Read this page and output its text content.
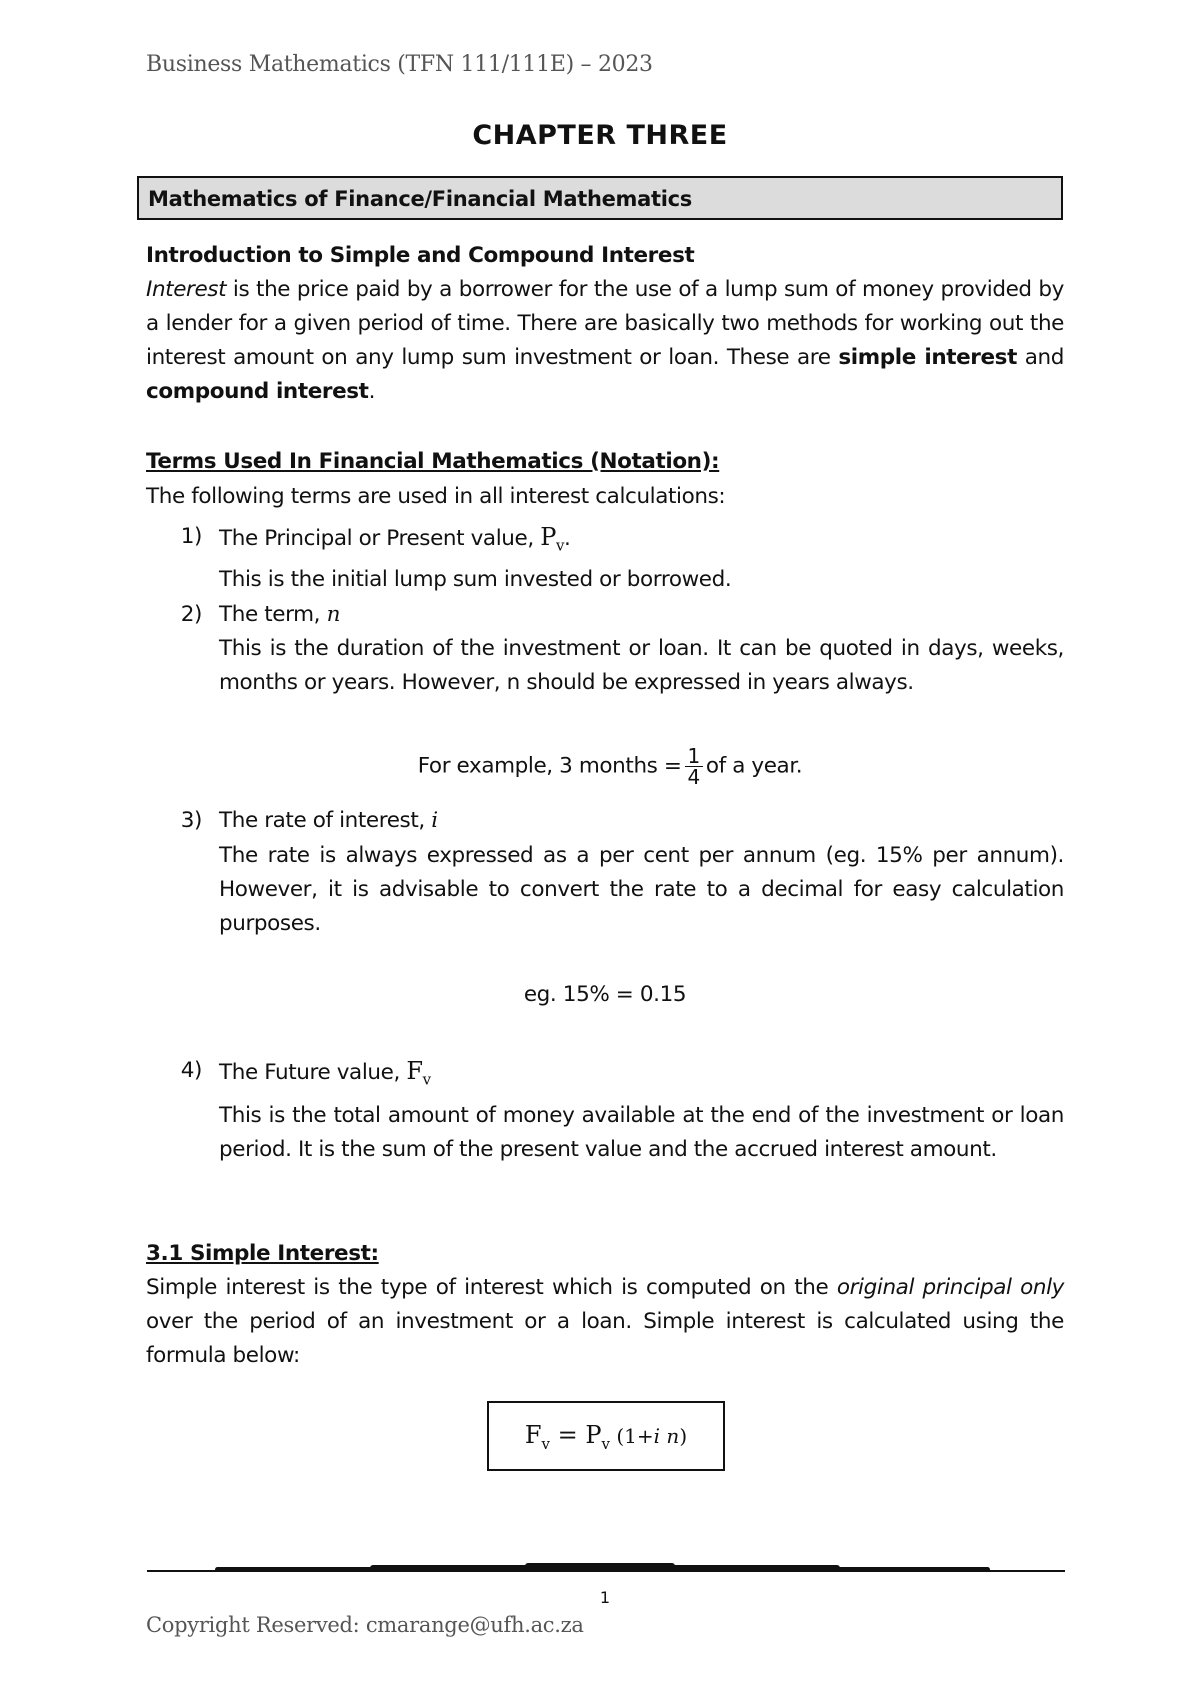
Business Mathematics (TFN 111/111E) – 2023
CHAPTER THREE
Mathematics of Finance/Financial Mathematics
Introduction to Simple and Compound Interest
Interest is the price paid by a borrower for the use of a lump sum of money provided by a lender for a given period of time. There are basically two methods for working out the interest amount on any lump sum investment or loan. These are simple interest and compound interest.
Terms Used In Financial Mathematics (Notation):
The following terms are used in all interest calculations:
1) The Principal or Present value, $P_v$.
This is the initial lump sum invested or borrowed.
2) The term, n
This is the duration of the investment or loan. It can be quoted in days, weeks, months or years. However, n should be expressed in years always.
For example, 3 months = $\frac{1}{4}$ of a year.
3) The rate of interest, i
The rate is always expressed as a per cent per annum (eg. 15% per annum). However, it is advisable to convert the rate to a decimal for easy calculation purposes.
eg. 15% = 0.15
4) The Future value, $F_v$
This is the total amount of money available at the end of the investment or loan period. It is the sum of the present value and the accrued interest amount.
3.1 Simple Interest:
Simple interest is the type of interest which is computed on the original principal only over the period of an investment or a loan. Simple interest is calculated using the formula below:
$F_v = P_v$ (1+i n)
1
Copyright Reserved: cmarange@ufh.ac.za
